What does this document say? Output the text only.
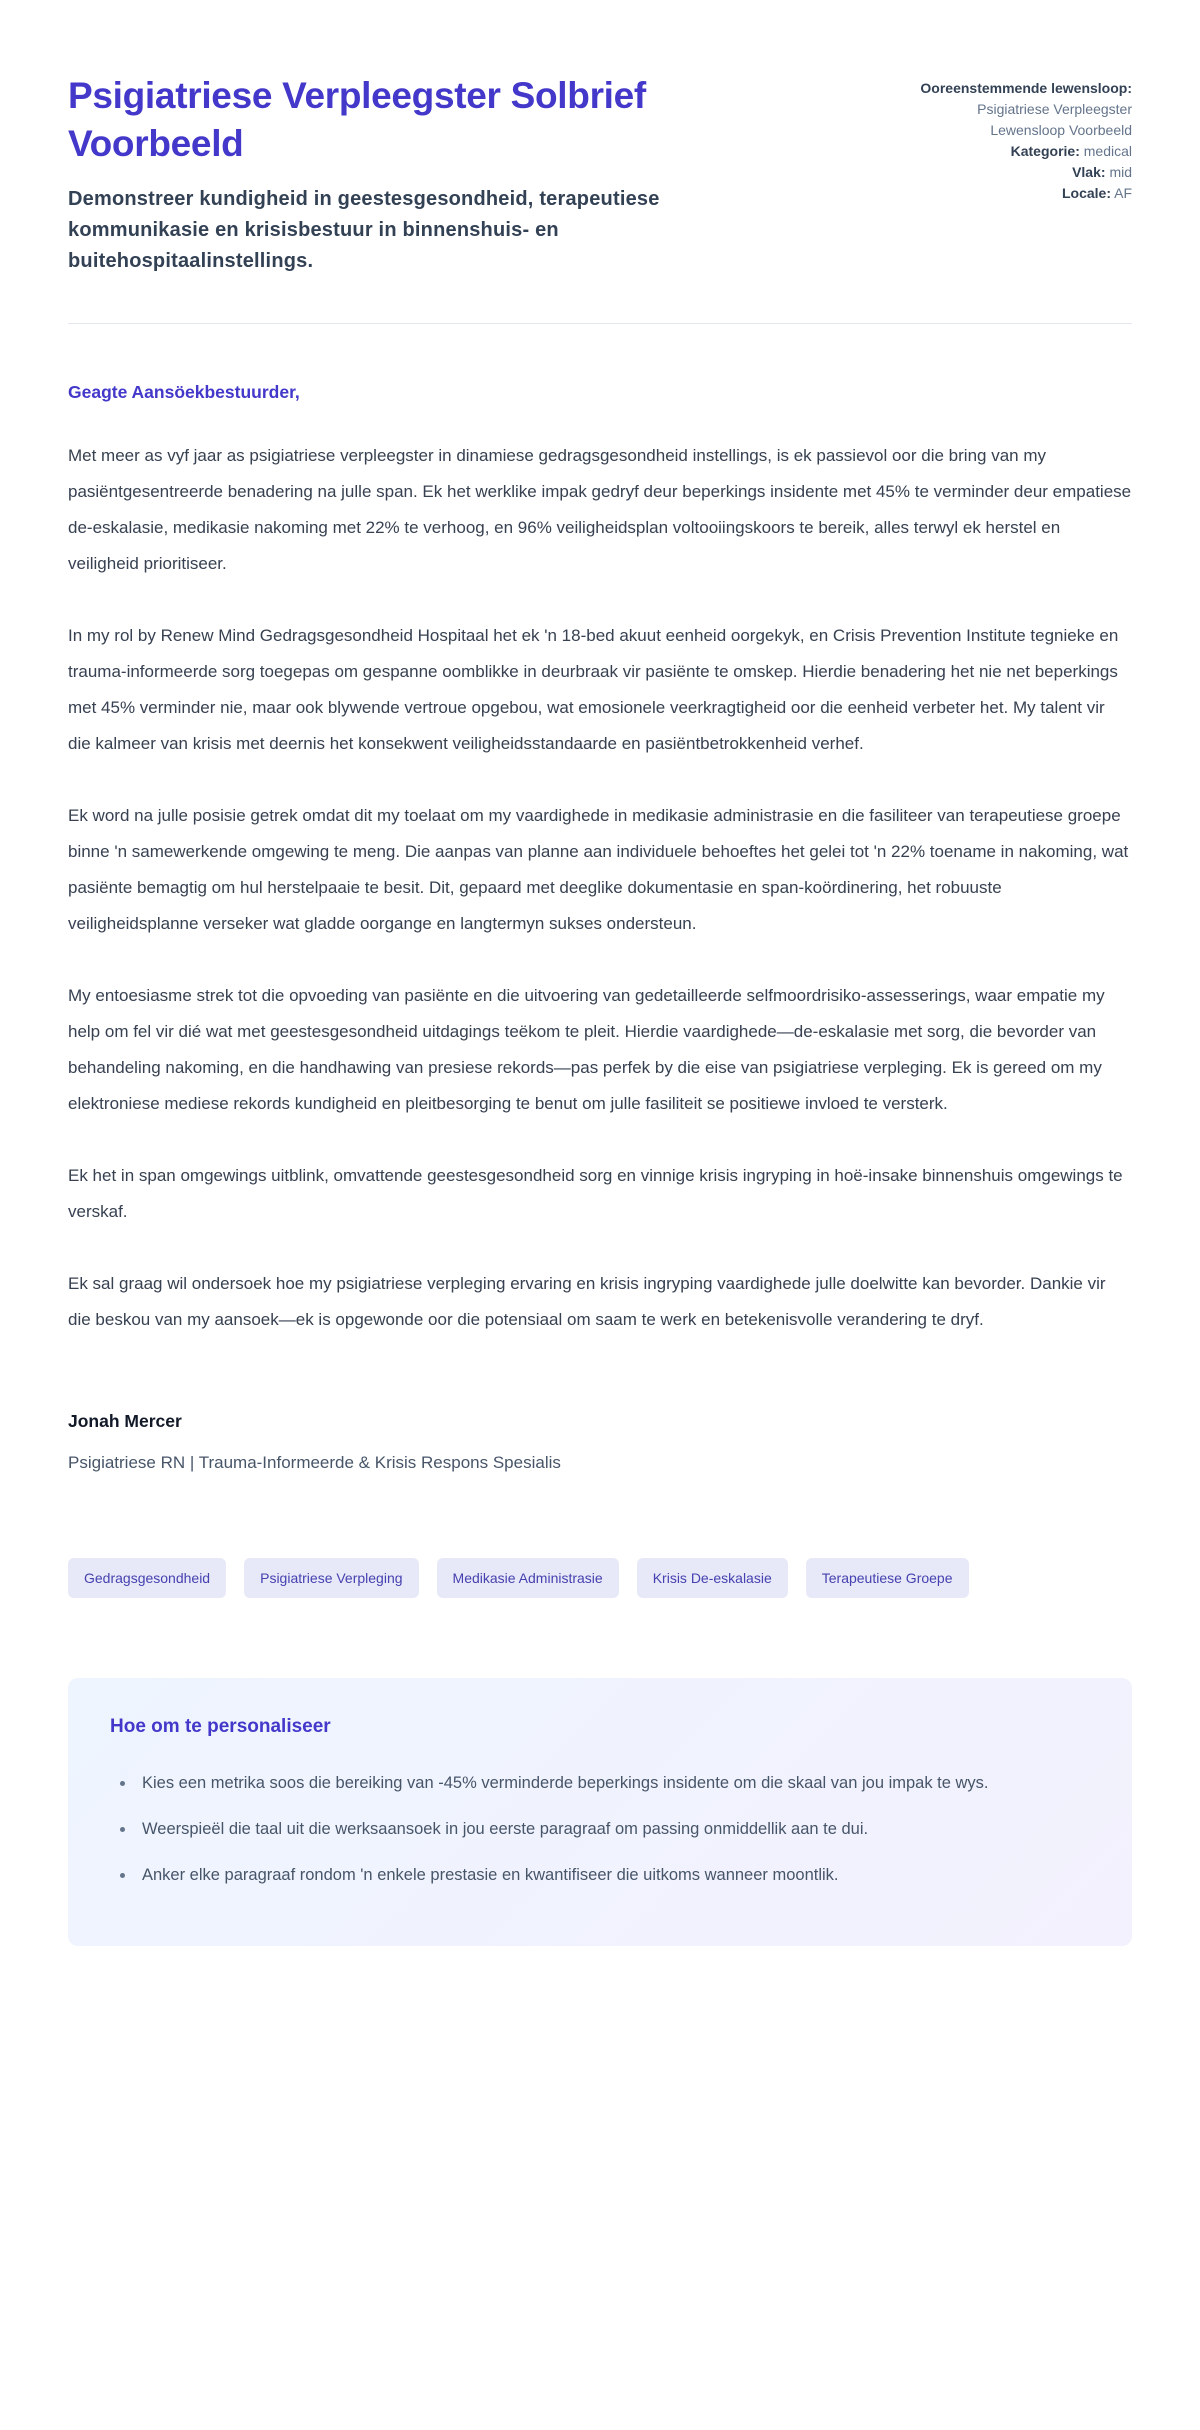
Psigiatriese Verpleegster Solbrief Voorbeeld

Demonstreer kundigheid in geestesgesondheid, terapeutiese kommunikasie en krisisbestuur in binnenshuis- en buitehospitaalinstellings.

Ooreenstemmende lewensloop: Psigiatriese Verpleegster Lewensloop Voorbeeld
Kategorie: medical
Vlak: mid
Locale: AF

Geagte Aansöekbestuurder,

Met meer as vyf jaar as psigiatriese verpleegster in dinamiese gedragsgesondheid instellings, is ek passievol oor die bring van my pasiëntgesentreerde benadering na julle span. Ek het werklike impak gedryf deur beperkings insidente met 45% te verminder deur empatiese de-eskalasie, medikasie nakoming met 22% te verhoog, en 96% veiligheidsplan voltooiingskoors te bereik, alles terwyl ek herstel en veiligheid prioritiseer.

In my rol by Renew Mind Gedragsgesondheid Hospitaal het ek 'n 18-bed akuut eenheid oorgekyk, en Crisis Prevention Institute tegnieke en trauma-informeerde sorg toegepas om gespanne oomblikke in deurbraak vir pasiënte te omskep. Hierdie benadering het nie net beperkings met 45% verminder nie, maar ook blywende vertroue opgebou, wat emosionele veerkragtigheid oor die eenheid verbeter het. My talent vir die kalmeer van krisis met deernis het konsekwent veiligheidsstandaarde en pasiëntbetrokkenheid verhef.

Ek word na julle posisie getrek omdat dit my toelaat om my vaardighede in medikasie administrasie en die fasiliteer van terapeutiese groepe binne 'n samewerkende omgewing te meng. Die aanpas van planne aan individuele behoeftes het gelei tot 'n 22% toename in nakoming, wat pasiënte bemagtig om hul herstelpaaie te besit. Dit, gepaard met deeglike dokumentasie en span-koördinering, het robuuste veiligheidsplanne verseker wat gladde oorgange en langtermyn sukses ondersteun.

My entoesiasme strek tot die opvoeding van pasiënte en die uitvoering van gedetailleerde selfmoordrisiko-assesserings, waar empatie my help om fel vir dié wat met geestesgesondheid uitdagings teëkom te pleit. Hierdie vaardighede—de-eskalasie met sorg, die bevorder van behandeling nakoming, en die handhawing van presiese rekords—pas perfek by die eise van psigiatriese verpleging. Ek is gereed om my elektroniese mediese rekords kundigheid en pleitbesorging te benut om julle fasiliteit se positiewe invloed te versterk.

Ek het in span omgewings uitblink, omvattende geestesgesondheid sorg en vinnige krisis ingryping in hoë-insake binnenshuis omgewings te verskaf.

Ek sal graag wil ondersoek hoe my psigiatriese verpleging ervaring en krisis ingryping vaardighede julle doelwitte kan bevorder. Dankie vir die beskou van my aansoek—ek is opgewonde oor die potensiaal om saam te werk en betekenisvolle verandering te dryf.

Jonah Mercer

Psigiatriese RN | Trauma-Informeerde & Krisis Respons Spesialis

Gedragsgesondheid	Psigiatriese Verpleging	Medikasie Administrasie	Krisis De-eskalasie	Terapeutiese Groepe
Hoe om te personaliseer
• Kies een metrika soos die bereiking van -45% verminderde beperkings insidente om die skaal van jou impak te wys.
• Weerspieël die taal uit die werksaansoek in jou eerste paragraaf om passing onmiddellik aan te dui.
• Anker elke paragraaf rondom 'n enkele prestasie en kwantifiseer die uitkoms wanneer moontlik.
